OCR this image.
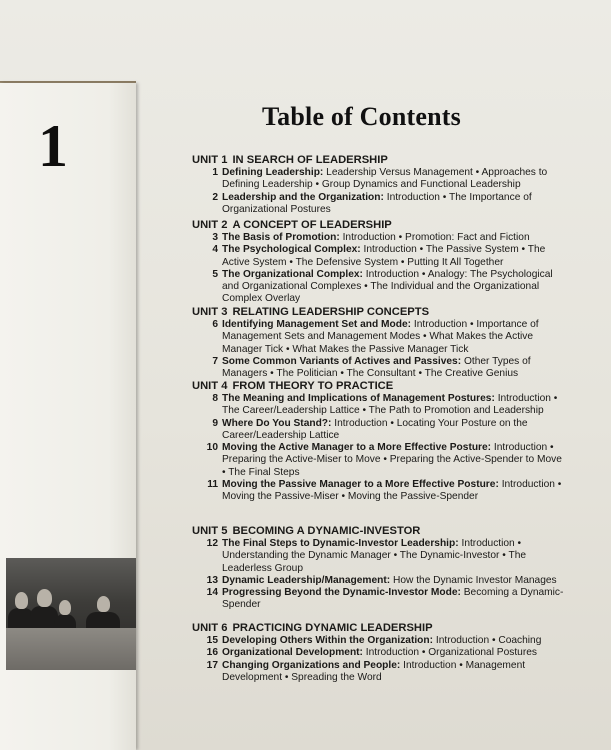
1	Table of Contents
UNIT 1 IN SEARCH OF LEADERSHIP
1 Defining Leadership: Leadership Versus Management • Approaches to Defining Leadership • Group Dynamics and Functional Leadership
2 Leadership and the Organization: Introduction • The Importance of Organizational Postures
UNIT 2 A CONCEPT OF LEADERSHIP
3 The Basis of Promotion: Introduction • Promotion: Fact and Fiction
4 The Psychological Complex: Introduction • The Passive System • The Active System • The Defensive System • Putting It All Together
5 The Organizational Complex: Introduction • Analogy: The Psychological and Organizational Complexes • The Individual and the Organizational Complex Overlay
UNIT 3 RELATING LEADERSHIP CONCEPTS
6 Identifying Management Set and Mode: Introduction • Importance of Management Sets and Management Modes • What Makes the Active Manager Tick • What Makes the Passive Manager Tick
7 Some Common Variants of Actives and Passives: Other Types of Managers • The Politician • The Consultant • The Creative Genius
UNIT 4 FROM THEORY TO PRACTICE
8 The Meaning and Implications of Management Postures: Introduction • The Career/Leadership Lattice • The Path to Promotion and Leadership
9 Where Do You Stand?: Introduction • Locating Your Posture on the Career/Leadership Lattice
10 Moving the Active Manager to a More Effective Posture: Introduction • Preparing the Active-Miser to Move • Preparing the Active-Spender to Move • The Final Steps
11 Moving the Passive Manager to a More Effective Posture: Introduction • Moving the Passive-Miser • Moving the Passive-Spender
UNIT 5 BECOMING A DYNAMIC-INVESTOR
12 The Final Steps to Dynamic-Investor Leadership: Introduction • Understanding the Dynamic Manager • The Dynamic-Investor • The Leaderless Group
13 Dynamic Leadership/Management: How the Dynamic Investor Manages
14 Progressing Beyond the Dynamic-Investor Mode: Becoming a Dynamic-Spender
UNIT 6 PRACTICING DYNAMIC LEADERSHIP
15 Developing Others Within the Organization: Introduction • Coaching
16 Organizational Development: Introduction • Organizational Postures
17 Changing Organizations and People: Introduction • Management Development • Spreading the Word
